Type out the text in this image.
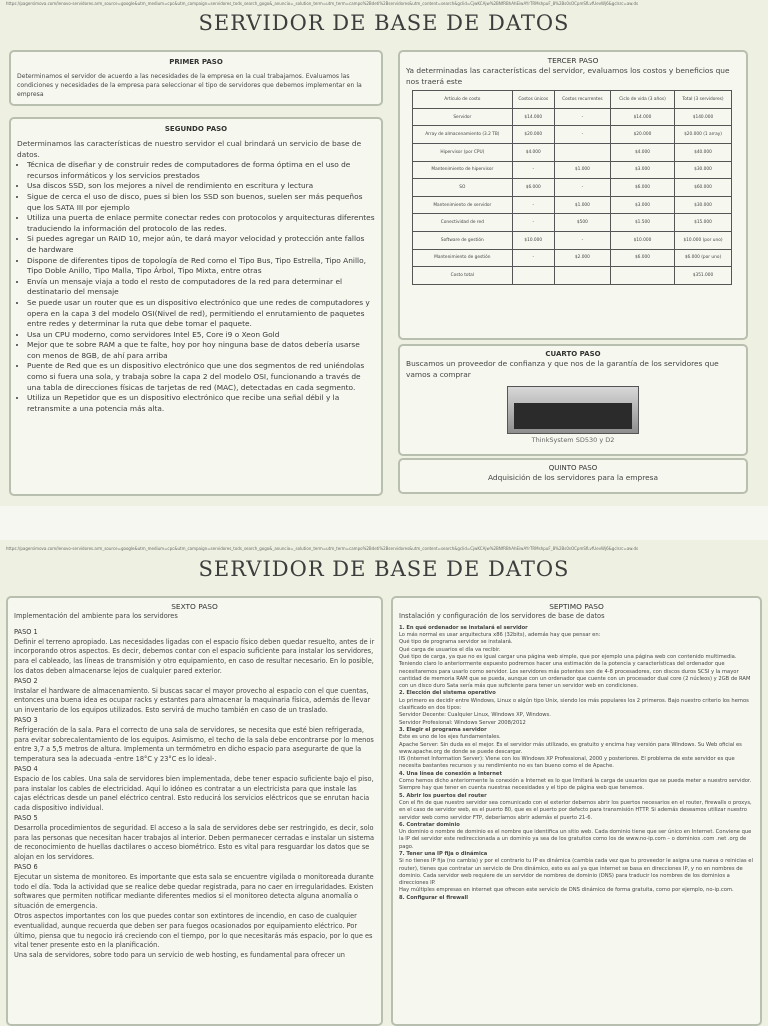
https://pagersimova.com/lenovo-servidores.arm_source=google&utm_medium=cpc&utm_campaign=servidores_tods_search_gogo&_anuncio=_solution_term=utm_term=campo%2Bdeti%2Bservidores&utm_content=search&gclid=CjwKCAjw%2BNfRBhAhEiwAYrTRMshpuF_8%2Bs0sOCpmSfLvfUevWj6&gclsrc=aw.ds
SERVIDOR DE BASE DE DATOS
PRIMER PASO
Determinamos el servidor de acuerdo a las necesidades de la empresa en la cual trabajamos. Evaluamos las condiciones y necesidades de la empresa para seleccionar el tipo de servidores que debemos implementar en la empresa
SEGUNDO PASO
Determinamos las características de nuestro servidor el cual brindará un servicio de base de datos.
• Técnica de diseñar y de construir redes de computadores de forma óptima en el uso de recursos informáticos y los servicios prestados
• Usa discos SSD, son los mejores a nivel de rendimiento en escritura y lectura
• Sigue de cerca el uso de disco, pues si bien los SSD son buenos, suelen ser más pequeños que los SATA III por ejemplo
• Utiliza una puerta de enlace permite conectar redes con protocolos y arquitecturas diferentes traduciendo la información del protocolo de las redes.
• Si puedes agregar un RAID 10, mejor aún, te dará mayor velocidad y protección ante fallos de hardware
• Dispone de diferentes tipos de topología de Red como el Tipo Bus, Tipo Estrella, Tipo Anillo, Tipo Doble Anillo, Tipo Malla, Tipo Árbol, Tipo Mixta, entre otras
• Envía un mensaje viaja a todo el resto de computadores de la red para determinar el destinatario del mensaje
• Se puede usar un router que es un dispositivo electrónico que une redes de computadores y opera en la capa 3 del modelo OSI(Nivel de red), permitiendo el enrutamiento de paquetes entre redes y determinar la ruta que debe tomar el paquete.
• Usa un CPU moderno, como servidores Intel E5, Core i9 o Xeon Gold
• Mejor que te sobre RAM a que te falte, hoy por hoy ninguna base de datos debería usarse con menos de 8GB, de ahí para arriba
• Puente de Red que es un dispositivo electrónico que une dos segmentos de red uniéndolas como si fuera una sola, y trabaja sobre la capa 2 del modelo OSI, funcionando a través de una tabla de direcciones físicas de tarjetas de red (MAC), detectadas en cada segmento.
• Utiliza un Repetidor que es un dispositivo electrónico que recibe una señal débil y la retransmite a una potencia más alta.
TERCER PASO
Ya determinadas las características del servidor, evaluamos los costos y beneficios que nos traerá este
Artículo de costo	Costos únicos	Costos recurrentes	Ciclo de vida (3 años)	Total (3 servidores)
Servidor	$14.000	-	$14.000	$140.000
Array de almacenamiento (3.2 TB)	$20.000	-	$20.000	$20.000 (1 array)
Hipervisor (por CPU)	$4.000		$4.000	$40.000
Mantenimiento de hipervisor	-	$1.000	$3.000	$30.000
SO	$6.000	-	$6.000	$60.000
Mantenimiento de servidor	-	$1.000	$3.000	$30.000
Conectividad de red	-	$500	$1.500	$15.000
Software de gestión	$10.000	-	$10.000	$10.000 (por uno)
Mantenimiento de gestión	-	$2.000	$6.000	$6.000 (por uno)
Costo total				$351.000
CUARTO PASO
Buscamos un proveedor de confianza y que nos de la garantía de los servidores que vamos a comprar
ThinkSystem SD530 y D2
QUINTO PASO
Adquisición de los servidores para la empresa
https://pagersimova.com/lenovo-servidores.arm_source=google&utm_medium=cpc&utm_campaign=servidores_tods_search_gogo&_anuncio=_solution_term=utm_term=campo%2Bdeti%2Bservidores&utm_content=search&gclid=CjwKCAjw%2BNfRBhAhEiwAYrTRMshpuF_8%2Bs0sOCpmSfLvfUevWj6&gclsrc=aw.ds
SERVIDOR DE BASE DE DATOS
SEXTO PASO
Implementación del ambiente para los servidores
PASO 1
Definir el terreno apropiado. Las necesidades ligadas con el espacio físico deben quedar resuelto, antes de ir incorporando otros aspectos. Es decir, debemos contar con el espacio suficiente para instalar los servidores, para el cableado, las líneas de transmisión y otro equipamiento, en caso de resultar necesario. En lo posible, los datos deben almacenarse lejos de cualquier pared exterior.
PASO 2
Instalar el hardware de almacenamiento. Si buscas sacar el mayor provecho al espacio con el que cuentas, entonces una buena idea es ocupar racks y estantes para almacenar la maquinaria física, además de llevar un inventario de los equipos utilizados. Esto servirá de mucho también en caso de un traslado.
PASO 3
Refrigeración de la sala. Para el correcto de una sala de servidores, se necesita que esté bien refrigerada, para evitar sobrecalentamiento de los equipos. Asimismo, el techo de la sala debe encontrarse por lo menos entre 3,7 a 5,5 metros de altura. Implementa un termómetro en dicho espacio para asegurarte de que la temperatura sea la adecuada -entre 18°C y 23°C es lo ideal-.
PASO 4
Espacio de los cables. Una sala de servidores bien implementada, debe tener espacio suficiente bajo el piso, para instalar los cables de electricidad. Aquí lo idóneo es contratar a un electricista para que instale las cajas eléctricas desde un panel eléctrico central. Esto reducirá los servicios eléctricos que se enrutan hacia cada dispositivo individual.
PASO 5
Desarrolla procedimientos de seguridad. El acceso a la sala de servidores debe ser restringido, es decir, solo para las personas que necesitan hacer trabajos al interior. Deben permanecer cerradas e instalar un sistema de reconocimiento de huellas dactilares o acceso biométrico. Esto es vital para resguardar los datos que se alojan en los servidores.
PASO 6
Ejecutar un sistema de monitoreo. Es importante que esta sala se encuentre vigilada o monitoreada durante todo el día. Toda la actividad que se realice debe quedar registrada, para no caer en irregularidades. Existen softwares que permiten notificar mediante diferentes medios si el monitoreo detecta alguna anomalía o situación de emergencia.
Otros aspectos importantes con los que puedes contar son extintores de incendio, en caso de cualquier eventualidad, aunque recuerda que deben ser para fuegos ocasionados por equipamiento eléctrico. Por último, piensa que tu negocio irá creciendo con el tiempo, por lo que necesitarás más espacio, por lo que es vital tener presente esto en la planificación.
Una sala de servidores, sobre todo para un servicio de web hosting, es fundamental para ofrecer un
SEPTIMO PASO
Instalación y configuración de los servidores de base de datos
1. En qué ordenador se instalará el servidor
Lo más normal es usar arquitectura x86 (32bits), además hay que pensar en:
• Qué tipo de programa servidor se instalará.
• Qué carga de usuarios el día va recibir.
• Qué tipo de carga, ya que no es igual cargar una página web simple, que por ejemplo una página web con contenido multimedia.
Teniendo claro lo anteriormente expuesto podremos hacer una estimación de la potencia y características del ordenador que necesitaremos para usarlo como servidor. Los servidores más potentes son de 4-8 procesadores, con discos duros SCSI y la mayor cantidad de memoria RAM que se pueda, aunque con un ordenador que cuente con un procesador dual core (2 núcleos) y 2GB de RAM con un disco duro Sata sería más que suficiente para tener un servidor web en condiciones.
2. Elección del sistema operativo
Lo primero es decidir entre Windows, Linux o algún tipo Unix, siendo los más populares los 2 primeros. Bajo nuestro criterio los hemos clasificado en dos tipos:
• Servidor Decente: Cualquier Linux, Windows XP, Windows.
• Servidor Profesional: Windows Server 2008/2012
3. Elegir el programa servidor
Este es uno de los ejes fundamentales.
• Apache Server: Sin duda es el mejor. Es el servidor más utilizado, es gratuito y encima hay versión para Windows. Su Web oficial es www.apache.org de donde se puede descargar.
• IIS (Internet Information Server): Viene con los Windows XP Professional, 2000 y posteriores. El problema de este servidor es que necesita bastantes recursos y su rendimiento no es tan bueno como el de Apache.
4. Una línea de conexión a Internet
Como hemos dicho anteriormente la conexión a Internet es lo que limitará la carga de usuarios que se pueda meter a nuestro servidor. Siempre hay que tener en cuenta nuestras necesidades y el tipo de página web que tenemos.
5. Abrir los puertos del router
Con el fin de que nuestro servidor sea comunicado con el exterior debemos abrir los puertos necesarios en el router, firewalls o proxys, en el caso de servidor web, es el puerto 80, que es el puerto por defecto para transmisión HTTP. Si además deseamos utilizar nuestro servidor web como servidor FTP, deberíamos abrir además el puerto 21-6.
6. Contratar dominio
Un dominio o nombre de dominio es el nombre que identifica un sitio web. Cada dominio tiene que ser único en Internet. Conviene que la IP del servidor este redireccionada a un dominio ya sea de los gratuitos como los de www.no-ip.com – o dominios .com .net .org de pago.
7. Tener una IP fija o dinámica
Si no tienes IP fija (no cambia) y por el contrario tu IP es dinámica (cambia cada vez que tu proveedor le asigna una nueva o reinicias el router), tienes que contratar un servicio de Dns dinámico, esto es así ya que internet se basa en direcciones IP, y no en nombres de dominio. Cada servidor web requiere de un servidor de nombres de dominio (DNS) para traducir los nombres de los dominios a direcciones IP.
Hay múltiples empresas en internet que ofrecen este servicio de DNS dinámico de forma gratuita, como por ejemplo, no-ip.com.
8. Configurar el firewall
